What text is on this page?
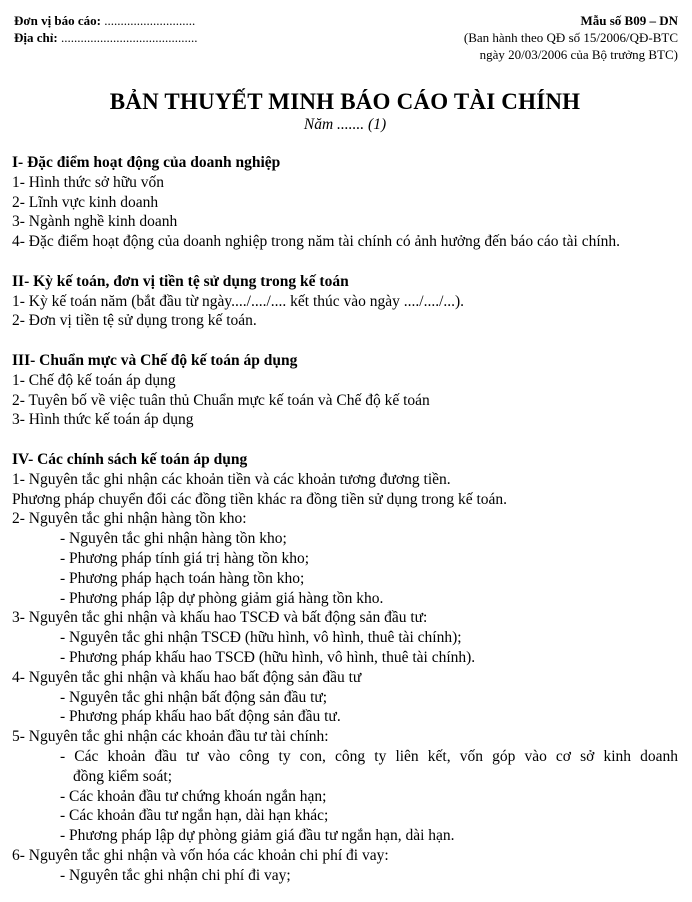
Đơn vị báo cáo: ............................
Địa chỉ: ..........................................
Mẫu số B09 – DN
(Ban hành theo QĐ số 15/2006/QĐ-BTC
ngày 20/03/2006 của Bộ trưởng BTC)
BẢN THUYẾT MINH BÁO CÁO TÀI CHÍNH
Năm ....... (1)
I- Đặc điểm hoạt động của doanh nghiệp
1- Hình thức sở hữu vốn
2- Lĩnh vực kinh doanh
3- Ngành nghề kinh doanh
4- Đặc điểm hoạt động của doanh nghiệp trong năm tài chính có ảnh hưởng đến báo cáo tài chính.
II- Kỳ kế toán, đơn vị tiền tệ sử dụng trong kế toán
1- Kỳ kế toán năm (bắt đầu từ ngày..../..../.... kết thúc vào ngày ..../..../...).
2- Đơn vị tiền tệ sử dụng trong kế toán.
III- Chuẩn mực và Chế độ kế toán áp dụng
1- Chế độ kế toán áp dụng
2- Tuyên bố về việc tuân thủ Chuẩn mực kế toán và Chế độ kế toán
3- Hình thức kế toán áp dụng
IV- Các chính sách kế toán áp dụng
1- Nguyên tắc ghi nhận các khoản tiền và các khoản tương đương tiền.
Phương pháp chuyển đổi các đồng tiền khác ra đồng tiền sử dụng trong kế toán.
2- Nguyên tắc ghi nhận hàng tồn kho:
- Nguyên tắc ghi nhận hàng tồn kho;
- Phương pháp tính giá trị hàng tồn kho;
- Phương pháp hạch toán hàng tồn kho;
- Phương pháp lập dự phòng giảm giá hàng tồn kho.
3- Nguyên tắc ghi nhận và khấu hao TSCĐ và bất động sản đầu tư:
- Nguyên tắc ghi nhận TSCĐ (hữu hình, vô hình, thuê tài chính);
- Phương pháp khấu hao TSCĐ (hữu hình, vô hình, thuê tài chính).
4- Nguyên tắc ghi nhận và khấu hao bất động sản đầu tư
- Nguyên tắc ghi nhận bất động sản đầu tư;
- Phương pháp khấu hao bất động sản đầu tư.
5- Nguyên tắc ghi nhận các khoản đầu tư tài chính:
- Các khoản đầu tư vào công ty con, công ty liên kết, vốn góp vào cơ sở kinh doanh
đồng kiểm soát;
- Các khoản đầu tư chứng khoán ngắn hạn;
- Các khoản đầu tư ngắn hạn, dài hạn khác;
- Phương pháp lập dự phòng giảm giá đầu tư ngắn hạn, dài hạn.
6- Nguyên tắc ghi nhận và vốn hóa các khoản chi phí đi vay:
- Nguyên tắc ghi nhận chi phí đi vay;
